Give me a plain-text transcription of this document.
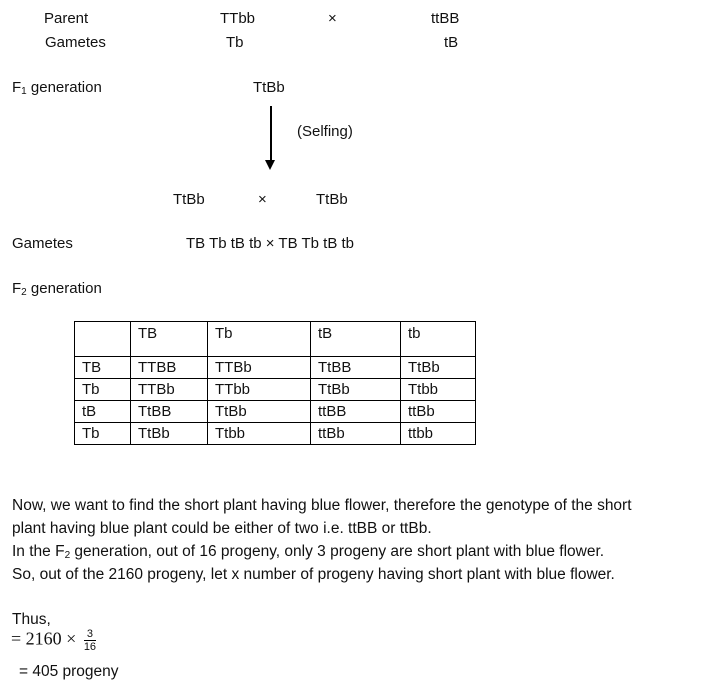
Parent	TTbb	×	ttBB
Gametes	Tb	tB
$F_1$ generation	TtBb
(Selfing)
TtBb	×	TtBb
Gametes	TB Tb tB tb × TB Tb tB tb
$F_2$ generation
	TB	Tb	tB	tb
TB	TTBB	TTBb	TtBB	TtBb
Tb	TTBb	TTbb	TtBb	Ttbb
tB	TtBB	TtBb	ttBB	ttBb
Tb	TtBb	Ttbb	ttBb	ttbb
Now, we want to find the short plant having blue flower, therefore the genotype of the short
plant having blue plant could be either of two i.e. ttBB or ttBb.
In the $F_2$ generation, out of 16 progeny, only 3 progeny are short plant with blue flower.
So, out of the 2160 progeny, let x number of progeny having short plant with blue flower.
Thus,
= $2160 \times \frac{3}{16}$
= 405 progeny
